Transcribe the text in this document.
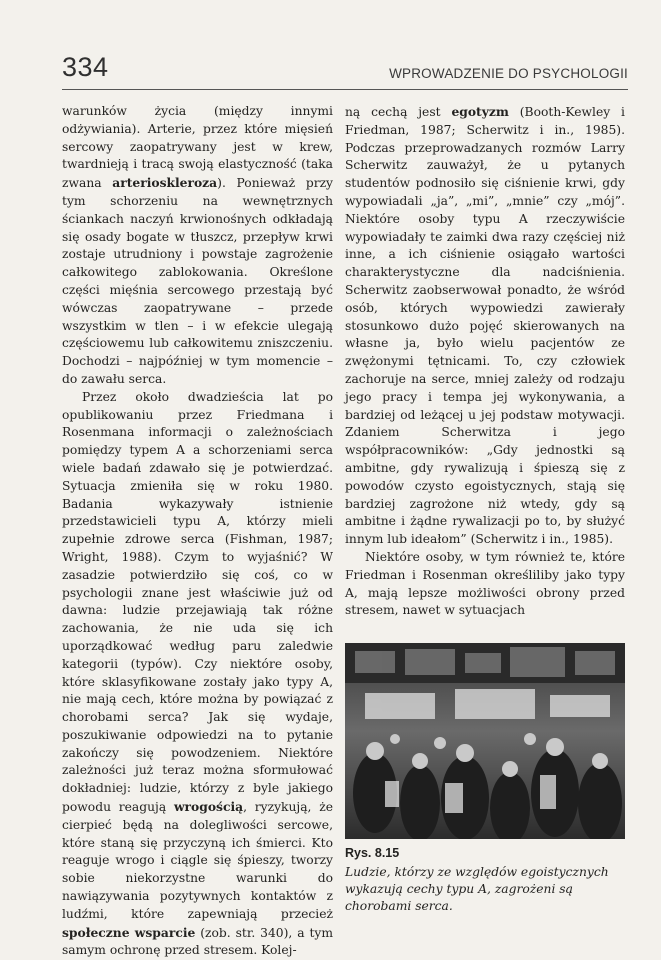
334	WPROWADZENIE DO PSYCHOLOGII

warunków życia (między innymi odżywiania). Arterie, przez które mięsień sercowy zaopatrywany jest w krew, twardnieją i tracą swoją elastyczność (taka zwana arterioskleroza). Ponieważ przy tym schorzeniu na wewnętrznych ściankach naczyń krwionośnych odkładają się osady bogate w tłuszcz, przepływ krwi zostaje utrudniony i powstaje zagrożenie całkowitego zablokowania. Określone części mięśnia sercowego przestają być wówczas zaopatrywane – przede wszystkim w tlen – i w efekcie ulegają częściowemu lub całkowitemu zniszczeniu. Dochodzi – najpóźniej w tym momencie – do zawału serca.

Przez około dwadzieścia lat po opublikowaniu przez Friedmana i Rosenmana informacji o zależnościach pomiędzy typem A a schorzeniami serca wiele badań zdawało się je potwierdzać. Sytuacja zmieniła się w roku 1980. Badania wykazywały istnienie przedstawicieli typu A, którzy mieli zupełnie zdrowe serca (Fishman, 1987; Wright, 1988). Czym to wyjaśnić? W zasadzie potwierdziło się coś, co w psychologii znane jest właściwie już od dawna: ludzie przejawiają tak różne zachowania, że nie uda się ich uporządkować według paru zaledwie kategorii (typów). Czy niektóre osoby, które sklasyfikowane zostały jako typy A, nie mają cech, które można by powiązać z chorobami serca? Jak się wydaje, poszukiwanie odpowiedzi na to pytanie zakończy się powodzeniem. Niektóre zależności już teraz można sformułować dokładniej: ludzie, którzy z byle jakiego powodu reagują wrogością, ryzykują, że cierpieć będą na dolegliwości sercowe, które staną się przyczyną ich śmierci. Kto reaguje wrogo i ciągle się śpieszy, tworzy sobie niekorzystne warunki do nawiązywania pozytywnych kontaktów z ludźmi, które zapewniają przecież społeczne wsparcie (zob. str. 340), a tym samym ochronę przed stresem. Kolej-

ną cechą jest egotyzm (Booth-Kewley i Friedman, 1987; Scherwitz i in., 1985). Podczas przeprowadzanych rozmów Larry Scherwitz zauważył, że u pytanych studentów podnosiło się ciśnienie krwi, gdy wypowiadali „ja”, „mi”, „mnie” czy „mój”. Niektóre osoby typu A rzeczywiście wypowiadały te zaimki dwa razy częściej niż inne, a ich ciśnienie osiągało wartości charakterystyczne dla nadciśnienia. Scherwitz zaobserwował ponadto, że wśród osób, których wypowiedzi zawierały stosunkowo dużo pojęć skierowanych na własne ja, było wielu pacjentów ze zwężonymi tętnicami. To, czy człowiek zachoruje na serce, mniej zależy od rodzaju jego pracy i tempa jej wykonywania, a bardziej od leżącej u jej podstaw motywacji. Zdaniem Scherwitza i jego współpracowników: „Gdy jednostki są ambitne, gdy rywalizują i śpieszą się z powodów czysto egoistycznych, stają się bardziej zagrożone niż wtedy, gdy są ambitne i żądne rywalizacji po to, by służyć innym lub ideałom” (Scherwitz i in., 1985).

Niektóre osoby, w tym również te, które Friedman i Rosenman określiliby jako typy A, mają lepsze możliwości obrony przed stresem, nawet w sytuacjach

Rys. 8.15
Ludzie, którzy ze względów egoistycznych wykazują cechy typu A, zagrożeni są chorobami serca.
